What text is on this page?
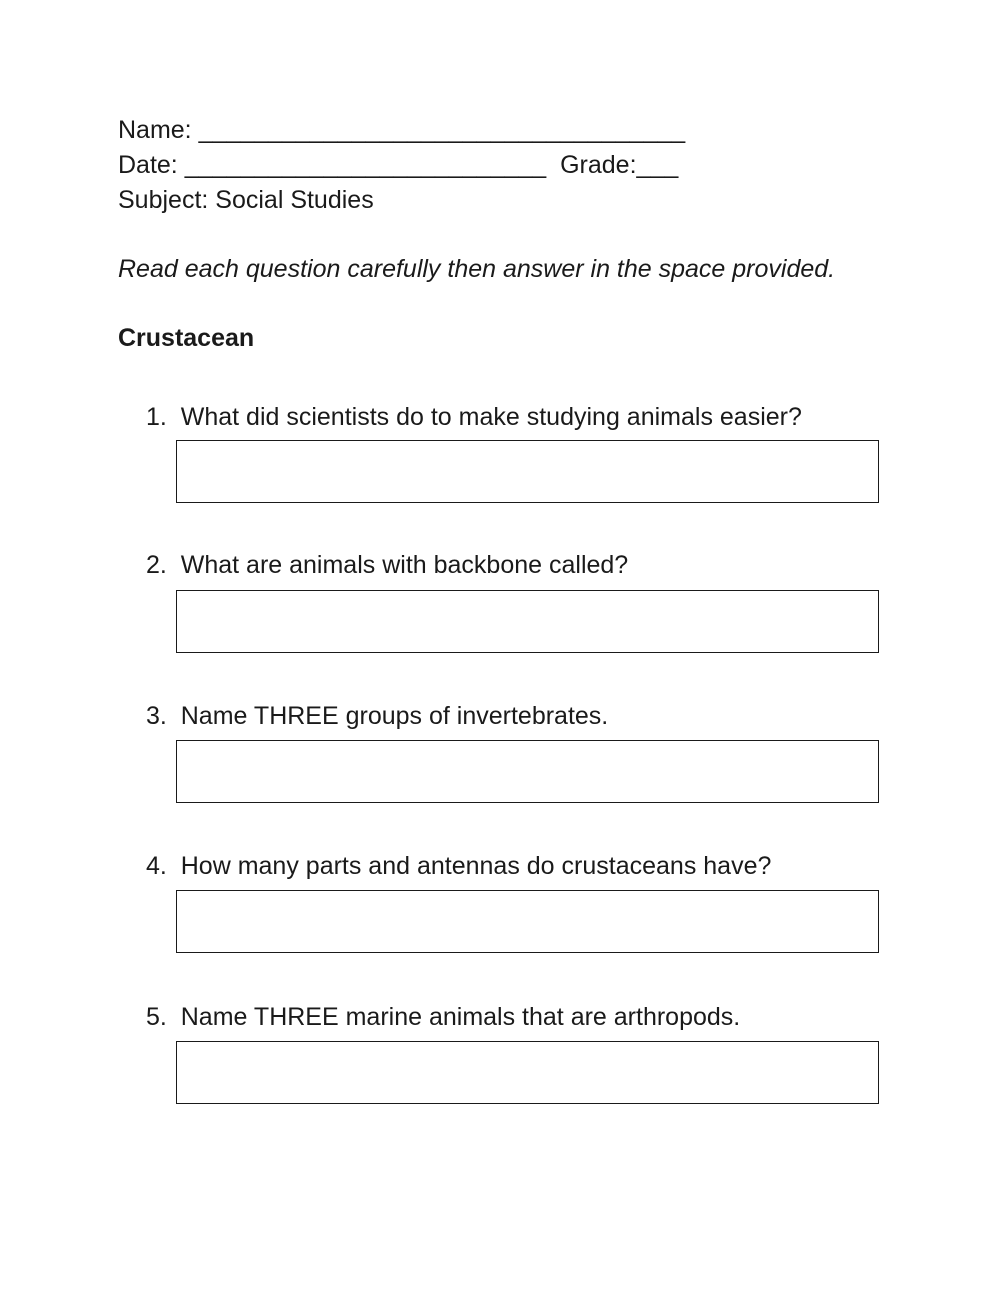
Name: ___________________________________
Date: __________________________  Grade:___
Subject: Social Studies
Read each question carefully then answer in the space provided.
Crustacean
1.  What did scientists do to make studying animals easier?
2.  What are animals with backbone called?
3.  Name THREE groups of invertebrates.
4.  How many parts and antennas do crustaceans have?
5.  Name THREE marine animals that are arthropods.
